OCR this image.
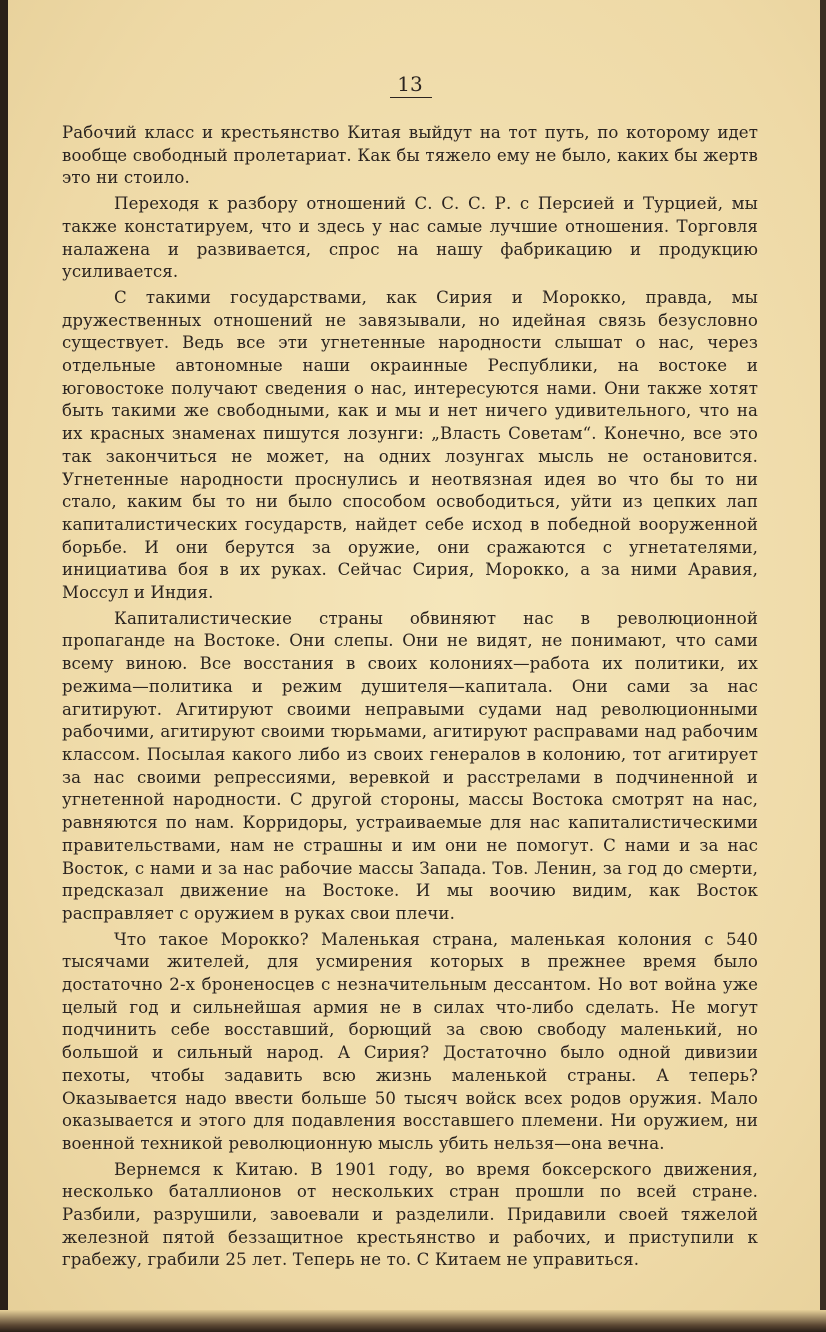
13

Рабочий класс и крестьянство Китая выйдут на тот путь, по которому идет вообще свободный пролетариат. Как бы тяжело ему не было, каких бы жертв это ни стоило.

Переходя к разбору отношений С. С. С. Р. с Персией и Турцией, мы также констатируем, что и здесь у нас самые лучшие отношения. Торговля налажена и развивается, спрос на нашу фабрикацию и продукцию усиливается.

С такими государствами, как Сирия и Морокко, правда, мы дружественных отношений не завязывали, но идейная связь безусловно существует. Ведь все эти угнетенные народности слышат о нас, через отдельные автономные наши окраинные Республики, на востоке и юговостоке получают сведения о нас, интересуются нами. Они также хотят быть такими же свободными, как и мы и нет ничего удивительного, что на их красных знаменах пишутся лозунги: „Власть Советам“. Конечно, все это так закончиться не может, на одних лозунгах мысль не остановится. Угнетенные народности проснулись и неотвязная идея во что бы то ни стало, каким бы то ни было способом освободиться, уйти из цепких лап капиталистических государств, найдет себе исход в победной вооруженной борьбе. И они берутся за оружие, они сражаются с угнетателями, инициатива боя в их руках. Сейчас Сирия, Морокко, а за ними Аравия, Моссул и Индия.

Капиталистические страны обвиняют нас в революционной пропаганде на Востоке. Они слепы. Они не видят, не понимают, что сами всему виною. Все восстания в своих колониях—работа их политики, их режима—политика и режим душителя—капитала. Они сами за нас агитируют. Агитируют своими неправыми судами над революционными рабочими, агитируют своими тюрьмами, агитируют расправами над рабочим классом. Посылая какого либо из своих генералов в колонию, тот агитирует за нас своими репрессиями, веревкой и расстрелами в подчиненной и угнетенной народности. С другой стороны, массы Востока смотрят на нас, равняются по нам. Корридоры, устраиваемые для нас капиталистическими правительствами, нам не страшны и им они не помогут. С нами и за нас Восток, с нами и за нас рабочие массы Запада. Тов. Ленин, за год до смерти, предсказал движение на Востоке. И мы воочию видим, как Восток расправляет с оружием в руках свои плечи.

Что такое Морокко? Маленькая страна, маленькая колония с 540 тысячами жителей, для усмирения которых в прежнее время было достаточно 2-х броненосцев с незначительным дессантом. Но вот война уже целый год и сильнейшая армия не в силах что-либо сделать. Не могут подчинить себе восставший, борющий за свою свободу маленький, но большой и сильный народ. А Сирия? Достаточно было одной дивизии пехоты, чтобы задавить всю жизнь маленькой страны. А теперь? Оказывается надо ввести больше 50 тысяч войск всех родов оружия. Мало оказывается и этого для подавления восставшего племени. Ни оружием, ни военной техникой революционную мысль убить нельзя—она вечна.

Вернемся к Китаю. В 1901 году, во время боксерского движения, несколько баталлионов от нескольких стран прошли по всей стране. Разбили, разрушили, завоевали и разделили. Придавили своей тяжелой железной пятой беззащитное крестьянство и рабочих, и приступили к грабежу, грабили 25 лет. Теперь не то. С Китаем не управиться.
